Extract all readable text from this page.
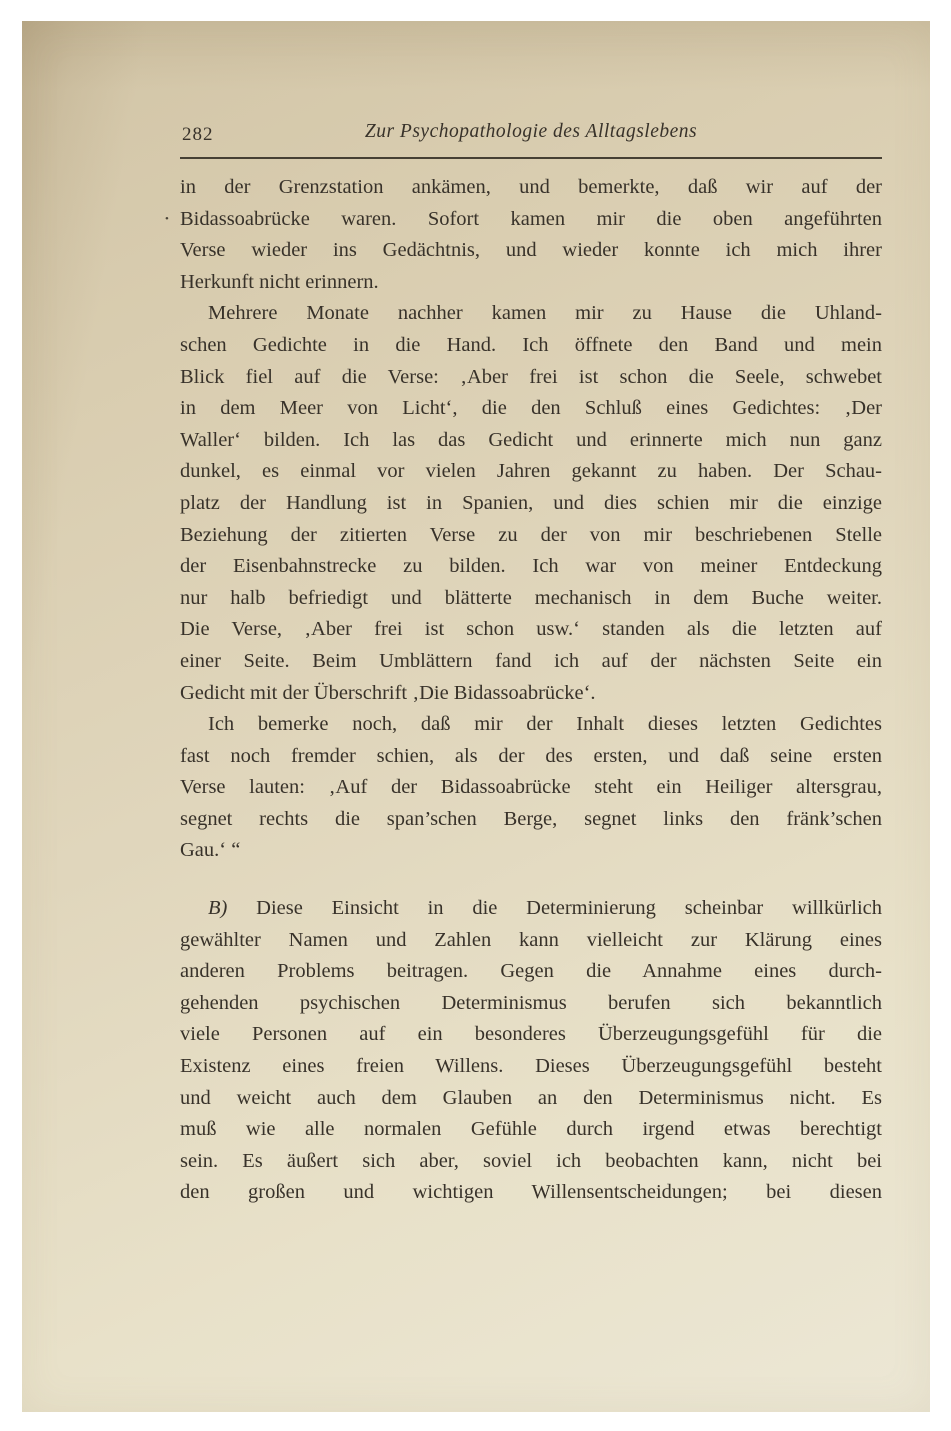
282	Zur Psychopathologie des Alltagslebens
in der Grenzstation ankämen, und bemerkte, daß wir auf der
• Bidassoabrücke waren. Sofort kamen mir die oben angeführten
Verse wieder ins Gedächtnis, und wieder konnte ich mich ihrer
Herkunft nicht erinnern.
Mehrere Monate nachher kamen mir zu Hause die Uhland-
schen Gedichte in die Hand. Ich öffnete den Band und mein
Blick fiel auf die Verse: ‚Aber frei ist schon die Seele, schwebet
in dem Meer von Licht‘, die den Schluß eines Gedichtes: ‚Der
Waller‘ bilden. Ich las das Gedicht und erinnerte mich nun ganz
dunkel, es einmal vor vielen Jahren gekannt zu haben. Der Schau-
platz der Handlung ist in Spanien, und dies schien mir die einzige
Beziehung der zitierten Verse zu der von mir beschriebenen Stelle
der Eisenbahnstrecke zu bilden. Ich war von meiner Entdeckung
nur halb befriedigt und blätterte mechanisch in dem Buche weiter.
Die Verse, ‚Aber frei ist schon usw.‘ standen als die letzten auf
einer Seite. Beim Umblättern fand ich auf der nächsten Seite ein
Gedicht mit der Überschrift ‚Die Bidassoabrücke‘.
Ich bemerke noch, daß mir der Inhalt dieses letzten Gedichtes
fast noch fremder schien, als der des ersten, und daß seine ersten
Verse lauten: ‚Auf der Bidassoabrücke steht ein Heiliger altersgrau,
segnet rechts die span’schen Berge, segnet links den fränk’schen
Gau.‘ “
B) Diese Einsicht in die Determinierung scheinbar willkürlich
gewählter Namen und Zahlen kann vielleicht zur Klärung eines
anderen Problems beitragen. Gegen die Annahme eines durch-
gehenden psychischen Determinismus berufen sich bekanntlich
viele Personen auf ein besonderes Überzeugungsgefühl für die
Existenz eines freien Willens. Dieses Überzeugungsgefühl besteht
und weicht auch dem Glauben an den Determinismus nicht. Es
muß wie alle normalen Gefühle durch irgend etwas berechtigt
sein. Es äußert sich aber, soviel ich beobachten kann, nicht bei
den großen und wichtigen Willensentscheidungen; bei diesen
